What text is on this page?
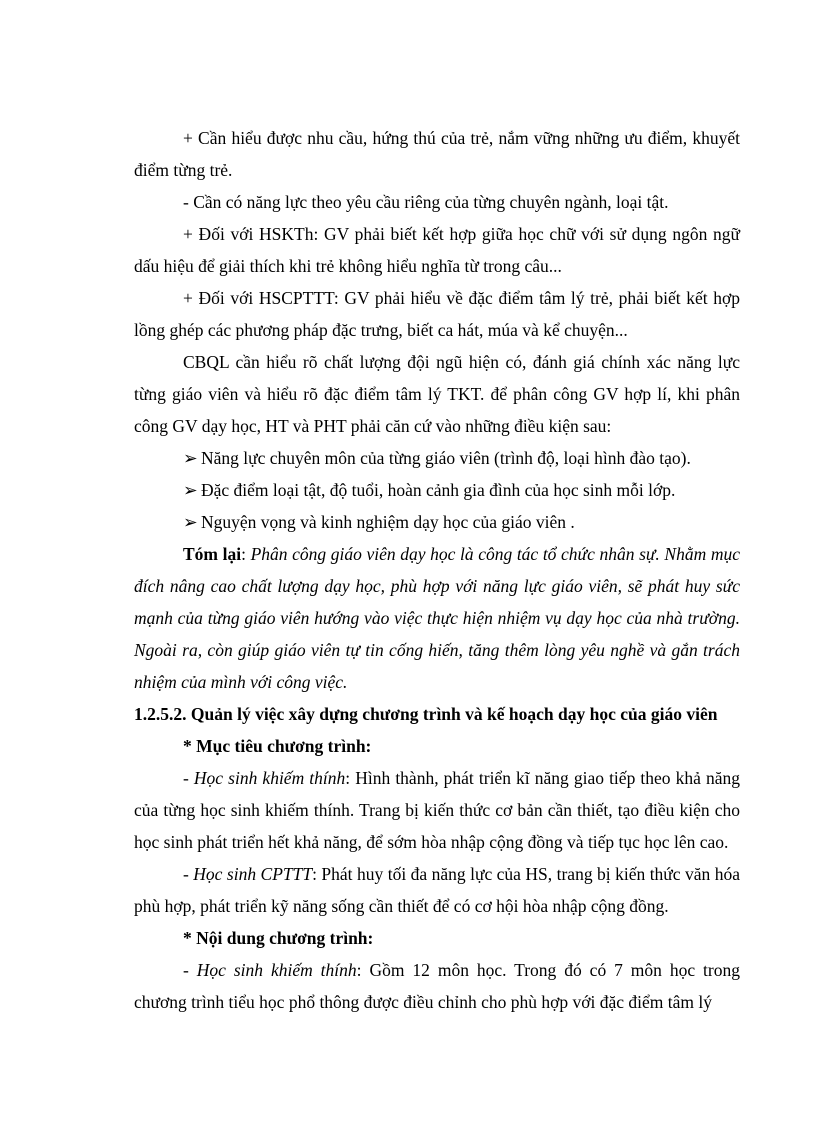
+ Cần hiểu được nhu cầu, hứng thú của trẻ, nắm vững những ưu điểm, khuyết điểm từng trẻ.

- Cần có năng lực theo yêu cầu riêng của từng chuyên ngành, loại tật.

+ Đối với HSKTh: GV phải biết kết hợp giữa học chữ với sử dụng ngôn ngữ dấu hiệu để giải thích khi trẻ không hiểu nghĩa từ trong câu...

+ Đối với HSCPTTT: GV phải hiểu về đặc điểm tâm lý trẻ, phải biết kết hợp lồng ghép các phương pháp đặc trưng, biết ca hát, múa và kể chuyện...

CBQL cần hiểu rõ chất lượng đội ngũ hiện có, đánh giá chính xác năng lực từng giáo viên và hiểu rõ đặc điểm tâm lý TKT. để phân công GV hợp lí, khi phân công GV dạy học, HT và PHT phải căn cứ vào những điều kiện sau:

➢ Năng lực chuyên môn của từng giáo viên (trình độ, loại hình đào tạo).

➢ Đặc điểm loại tật, độ tuổi, hoàn cảnh gia đình của học sinh mỗi lớp.

➢ Nguyện vọng và kinh nghiệm dạy học của giáo viên .

Tóm lại: Phân công giáo viên dạy học là công tác tổ chức nhân sự. Nhằm mục đích nâng cao chất lượng dạy học, phù hợp với năng lực giáo viên, sẽ phát huy sức mạnh của từng giáo viên hướng vào việc thực hiện nhiệm vụ dạy học của nhà trường. Ngoài ra, còn giúp giáo viên tự tin cống hiến, tăng thêm lòng yêu nghề và gắn trách nhiệm của mình với công việc.

1.2.5.2. Quản lý việc xây dựng chương trình và kế hoạch dạy học của giáo viên

* Mục tiêu chương trình:

- Học sinh khiếm thính: Hình thành, phát triển kĩ năng giao tiếp theo khả năng của từng học sinh khiếm thính. Trang bị kiến thức cơ bản cần thiết, tạo điều kiện cho học sinh phát triển hết khả năng, để sớm hòa nhập cộng đồng và tiếp tục học lên cao.

- Học sinh CPTTT: Phát huy tối đa năng lực của HS, trang bị kiến thức văn hóa phù hợp, phát triển kỹ năng sống cần thiết để có cơ hội hòa nhập cộng đồng.

* Nội dung chương trình:

- Học sinh khiếm thính: Gồm 12 môn học. Trong đó có 7 môn học trong chương trình tiểu học phổ thông được điều chỉnh cho phù hợp với đặc điểm tâm lý
